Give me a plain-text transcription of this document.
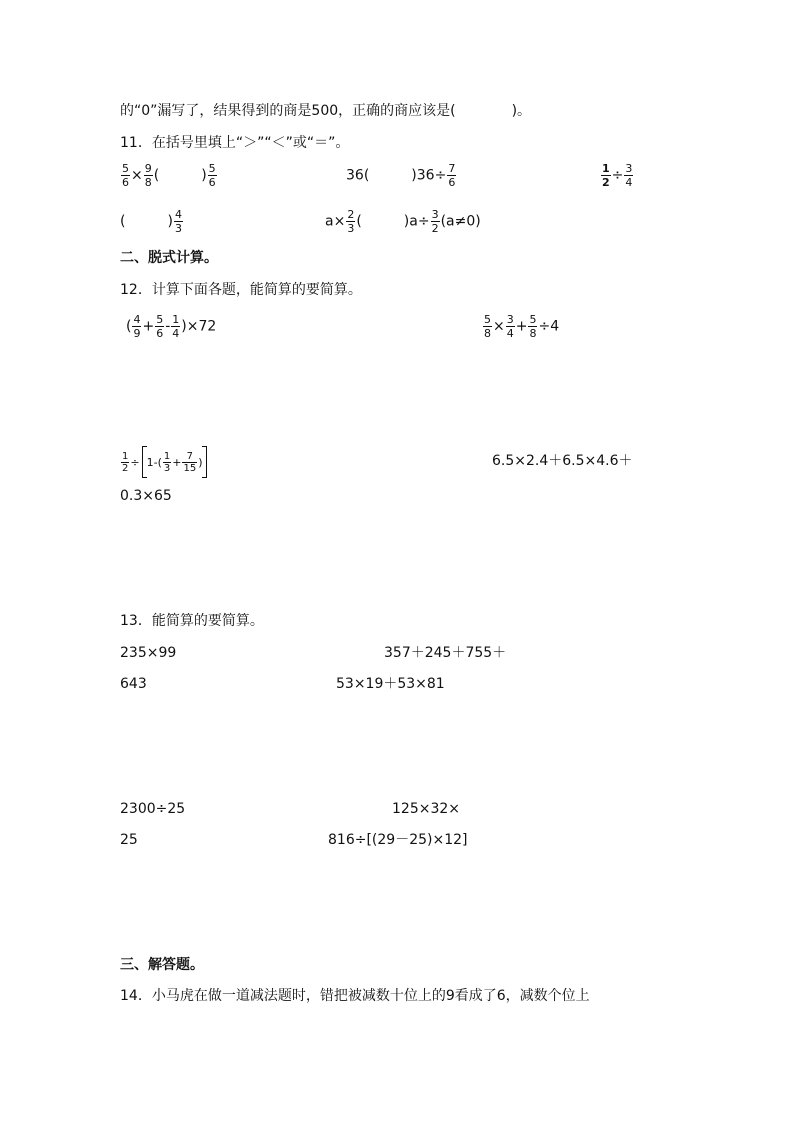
的“0”漏写了，结果得到的商是500，正确的商应该是(　　　　)。
11．在括号里填上“＞”“＜”或“＝”。
$\frac{5}{6} \times \frac{9}{8}$ (　　　) $\frac{5}{6}$	36(　　　)$36\div \frac{7}{6}$	$\frac{1}{2} \div \frac{3}{4}$
(　　　) $\frac{4}{3}$	$a\times \frac{2}{3}$ (　　　)$a\div \frac{3}{2} (a\ne 0)$
二、脱式计算。
12．计算下面各题，能简算的要简算。
( $\frac{4}{9} + \frac{5}{6} - \frac{1}{4} )\times 72$	$\frac{5}{8} \times \frac{3}{4} + \frac{5}{8} \div 4$
$\frac{1}{2} \div 1-( \frac{1}{3} + \frac{7}{15}$ )	6.5×2.4＋6.5×4.6＋
0.3×65
13．能简算的要简算。
235×99	357＋245＋755＋
643	53×19＋53×81
2300÷25	125×32×
25	816÷[(29－25)×12]
三、解答题。
14．小马虎在做一道减法题时，错把被减数十位上的9看成了6，减数个位上
